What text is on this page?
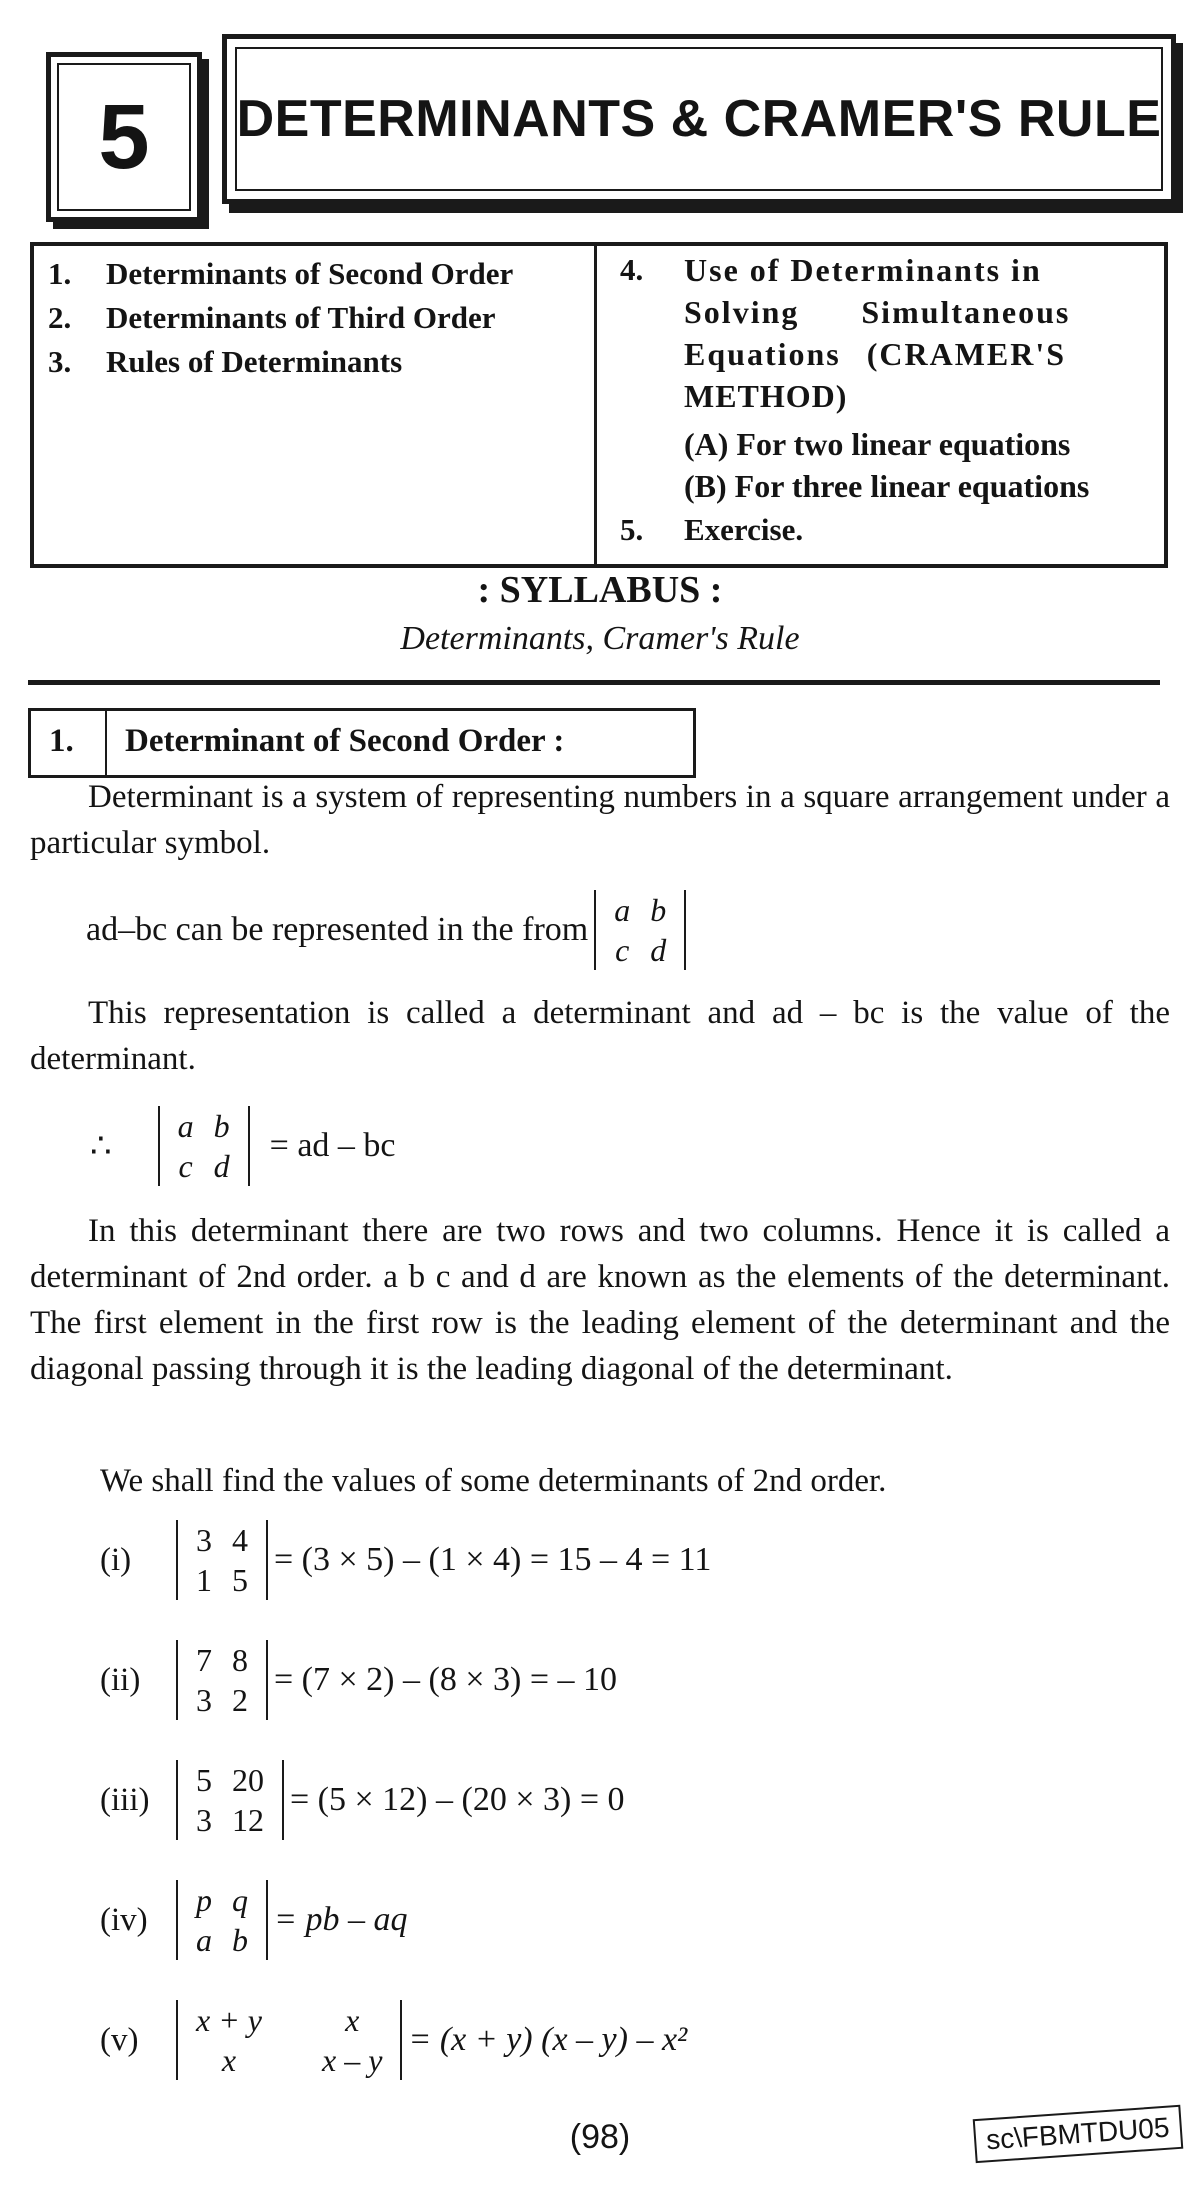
5 DETERMINANTS & CRAMER'S RULE
1. Determinants of Second Order
2. Determinants of Third Order
3. Rules of Determinants
4. Use of Determinants in
Solving Simultaneous
Equations (CRAMER'S
METHOD)
(A) For two linear equations
(B) For three linear equations
5. Exercise.
: SYLLABUS :
Determinants, Cramer's Rule
1. Determinant of Second Order :
Determinant is a system of representing numbers in a square arrangement under a particular symbol.
ad–bc can be represented in the from
a	b
c	d
This representation is called a determinant and ad – bc is the value of the determinant.
∴
a	b
c	d
= ad – bc
In this determinant there are two rows and two columns. Hence it is called a determinant of 2nd order. a b c and d are known as the elements of the determinant. The first element in the first row is the leading element of the determinant and the diagonal passing through it is the leading diagonal of the determinant.
We shall find the values of some determinants of 2nd order.
(i)
3	4
1	5
= (3 × 5) – (1 × 4) = 15 – 4 = 11
(ii)
7	8
3	2
= (7 × 2) – (8 × 3) = – 10
(iii)
5	20
3	12
= (5 × 12) – (20 × 3) = 0
(iv)
p	q
a	b
= pb – aq
(v)
x + y	x
x	x – y
= (x + y) (x – y) – x²
(98)	sc\FBMTDU05
